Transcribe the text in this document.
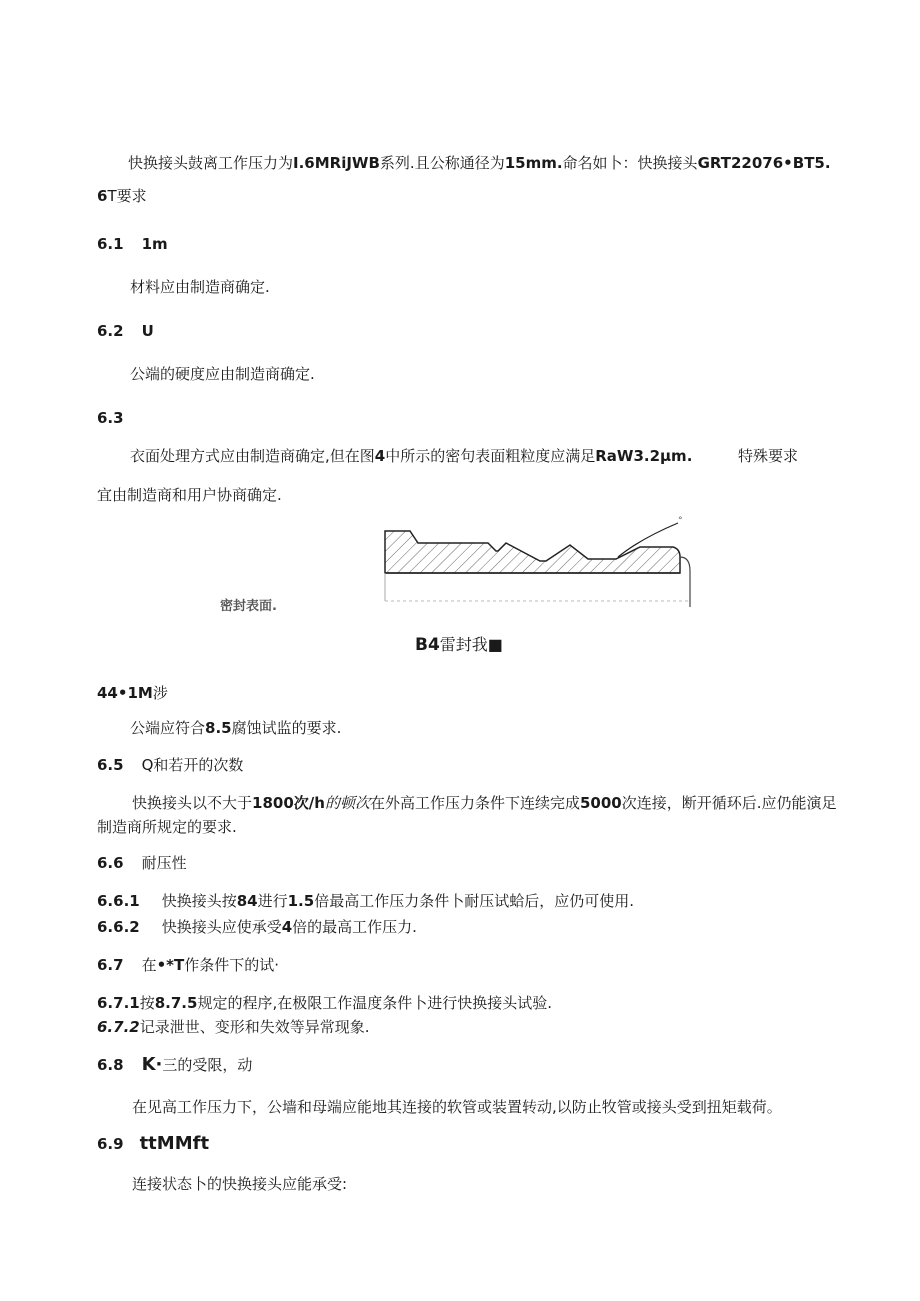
快换接头鼓离工作压力为I.6MRiJWB系列.且公称通径为15mm.命名如卜：快换接头GRT22076•BT5.
6T要求
6.1 1m
材料应由制造商确定.
6.2 U
公端的硬度应由制造商确定.
6.3
衣面处理方式应由制造商确定,但在图4中所示的密句表面粗粒度应满足RaW3.2μm.	特殊要求
宜由制造商和用户协商确定.
°
密封表面.
B4雷封我■
44•1M涉
公端应符合8.5腐蚀试监的要求.
6.5 Q和若开的次数
快换接头以不大于1800次/h的顿次在外高工作压力条件下连续完成5000次连接，断开循环后.应仍能演足
制造商所规定的要求.
6.6 耐压性
6.6.1 快换接头按84进行1.5倍最高工作压力条件卜耐压试蛤后，应仍可使用.
6.6.2 快换接头应使承受4倍的最高工作压力.
6.7 在•*T作条件下的试·
6.7.1按8.7.5规定的程序,在极限工作温度条件卜进行快换接头试验.
6.7.2记录泄世、变形和失效等异常现象.
6.8 K·三的受限，动
在见高工作压力下，公墙和母端应能地其连接的软管或装置转动,以防止牧管或接头受到扭矩载荷。
6.9 ttMMft
连接状态卜的快换接头应能承受:
